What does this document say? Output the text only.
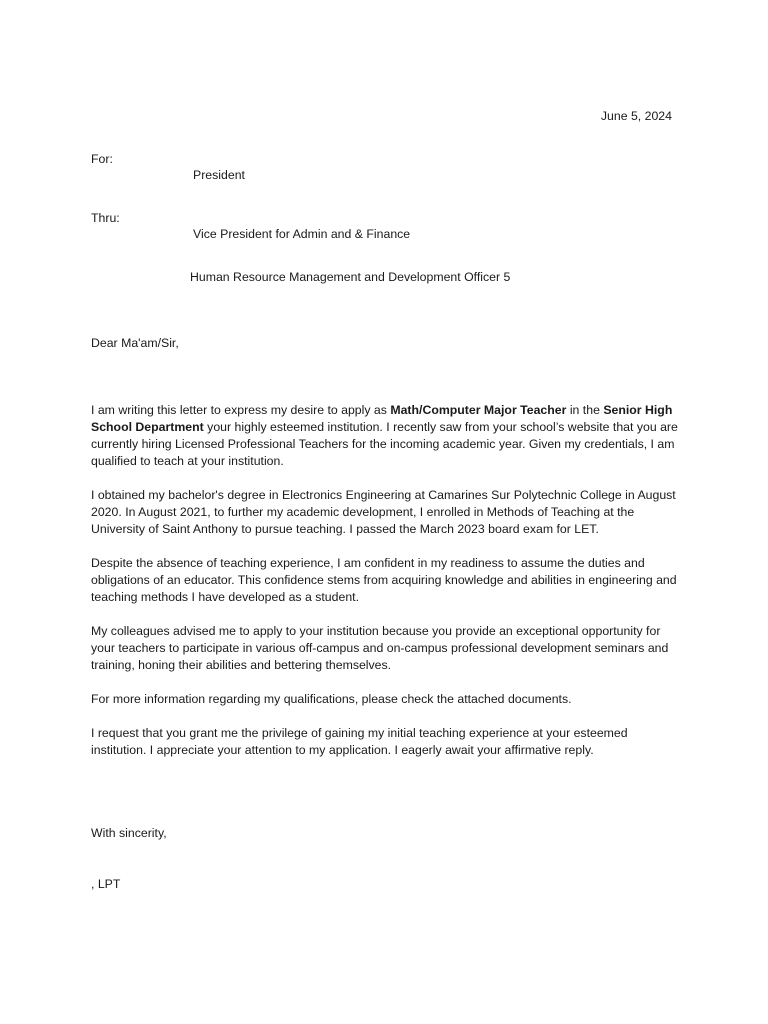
June 5, 2024
For:
President
Thru:
Vice President for Admin and & Finance
Human Resource Management and Development Officer 5
Dear Ma'am/Sir,

I am writing this letter to express my desire to apply as Math/Computer Major Teacher in the Senior High School Department your highly esteemed institution. I recently saw from your school’s website that you are currently hiring Licensed Professional Teachers for the incoming academic year. Given my credentials, I am qualified to teach at your institution.

I obtained my bachelor's degree in Electronics Engineering at Camarines Sur Polytechnic College in August 2020. In August 2021, to further my academic development, I enrolled in Methods of Teaching at the University of Saint Anthony to pursue teaching. I passed the March 2023 board exam for LET.

Despite the absence of teaching experience, I am confident in my readiness to assume the duties and obligations of an educator. This confidence stems from acquiring knowledge and abilities in engineering and teaching methods I have developed as a student.

My colleagues advised me to apply to your institution because you provide an exceptional opportunity for your teachers to participate in various off-campus and on-campus professional development seminars and training, honing their abilities and bettering themselves.

For more information regarding my qualifications, please check the attached documents.

I request that you grant me the privilege of gaining my initial teaching experience at your esteemed institution. I appreciate your attention to my application. I eagerly await your affirmative reply.

With sincerity,
, LPT
